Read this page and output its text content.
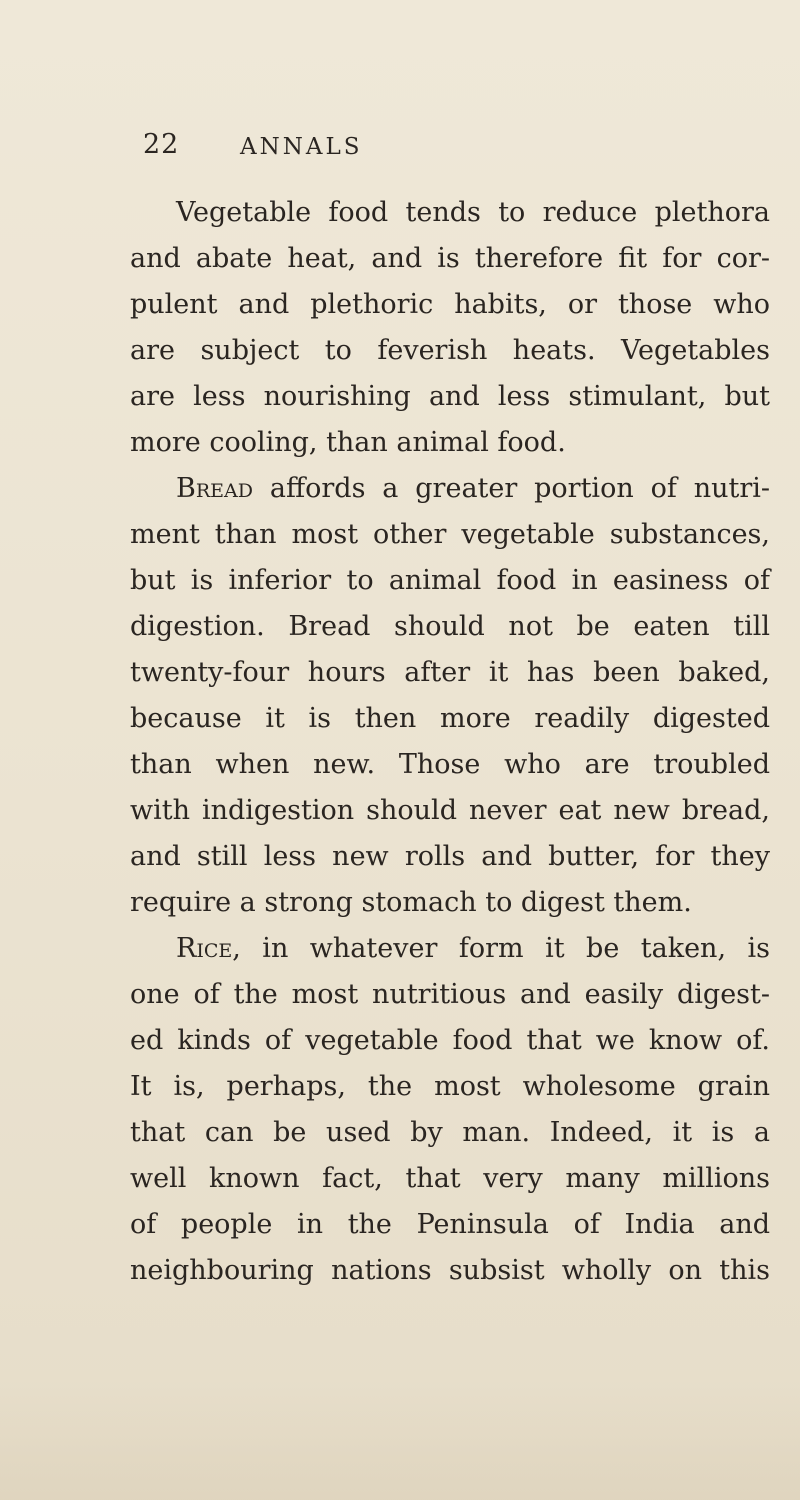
22	ANNALS
Vegetable food tends to reduce plethora
and abate heat, and is therefore fit for cor-
pulent and plethoric habits, or those who
are subject to feverish heats. Vegetables
are less nourishing and less stimulant, but
more cooling, than animal food.
Bread affords a greater portion of nutri-
ment than most other vegetable substances,
but is inferior to animal food in easiness of
digestion. Bread should not be eaten till
twenty-four hours after it has been baked,
because it is then more readily digested
than when new. Those who are troubled
with indigestion should never eat new bread,
and still less new rolls and butter, for they
require a strong stomach to digest them.
Rice, in whatever form it be taken, is
one of the most nutritious and easily digest-
ed kinds of vegetable food that we know of.
It is, perhaps, the most wholesome grain
that can be used by man. Indeed, it is a
well known fact, that very many millions
of people in the Peninsula of India and
neighbouring nations subsist wholly on this
